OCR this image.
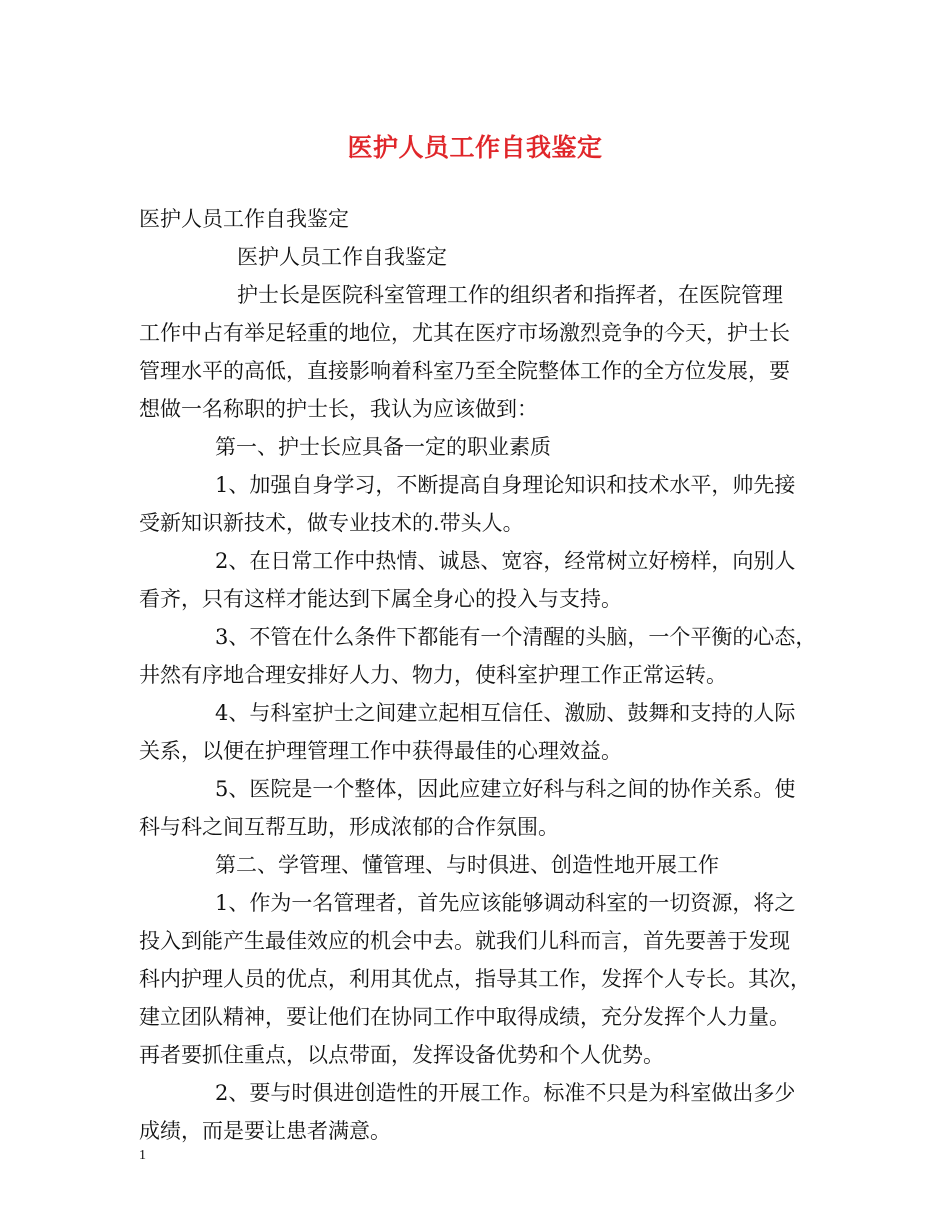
医护人员工作自我鉴定
医护人员工作自我鉴定
医护人员工作自我鉴定
护士长是医院科室管理工作的组织者和指挥者，在医院管理
工作中占有举足轻重的地位，尤其在医疗市场激烈竞争的今天，护士长
管理水平的高低，直接影响着科室乃至全院整体工作的全方位发展，要
想做一名称职的护士长，我认为应该做到：
第一、护士长应具备一定的职业素质
1、加强自身学习，不断提高自身理论知识和技术水平，帅先接
受新知识新技术，做专业技术的.带头人。
2、在日常工作中热情、诚恳、宽容，经常树立好榜样，向别人
看齐，只有这样才能达到下属全身心的投入与支持。
3、不管在什么条件下都能有一个清醒的头脑，一个平衡的心态，
井然有序地合理安排好人力、物力，使科室护理工作正常运转。
4、与科室护士之间建立起相互信任、激励、鼓舞和支持的人际
关系，以便在护理管理工作中获得最佳的心理效益。
5、医院是一个整体，因此应建立好科与科之间的协作关系。使
科与科之间互帮互助，形成浓郁的合作氛围。
第二、学管理、懂管理、与时俱进、创造性地开展工作
1、作为一名管理者，首先应该能够调动科室的一切资源，将之
投入到能产生最佳效应的机会中去。就我们儿科而言，首先要善于发现
科内护理人员的优点，利用其优点，指导其工作，发挥个人专长。其次，
建立团队精神，要让他们在协同工作中取得成绩，充分发挥个人力量。
再者要抓住重点，以点带面，发挥设备优势和个人优势。
2、要与时俱进创造性的开展工作。标准不只是为科室做出多少
成绩，而是要让患者满意。
1
